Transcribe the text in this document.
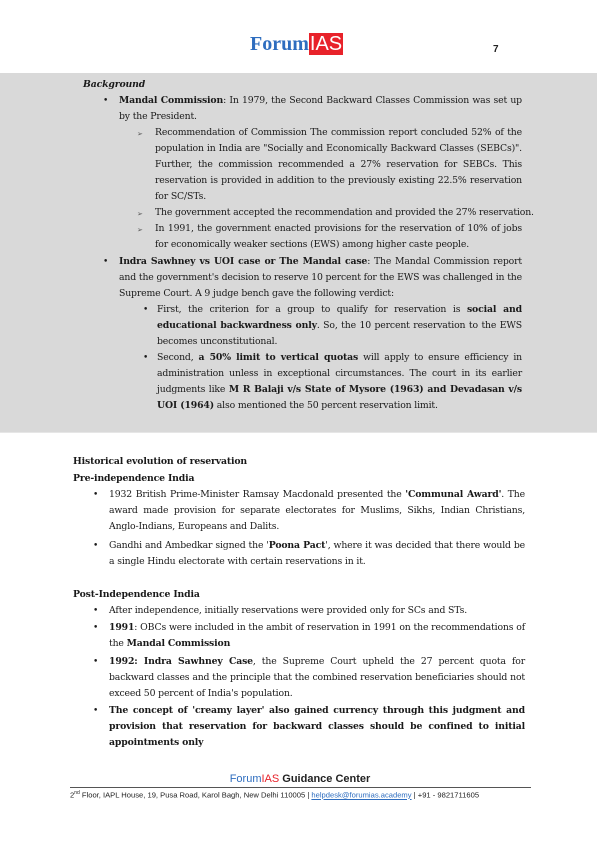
ForumIAS	7
Background
• Mandal Commission: In 1979, the Second Backward Classes Commission was set up by the President.
➢ Recommendation of Commission The commission report concluded 52% of the population in India are "Socially and Economically Backward Classes (SEBCs)". Further, the commission recommended a 27% reservation for SEBCs. This reservation is provided in addition to the previously existing 22.5% reservation for SC/STs.
➢ The government accepted the recommendation and provided the 27% reservation.
➢ In 1991, the government enacted provisions for the reservation of 10% of jobs for economically weaker sections (EWS) among higher caste people.
• Indra Sawhney vs UOI case or The Mandal case: The Mandal Commission report and the government's decision to reserve 10 percent for the EWS was challenged in the Supreme Court. A 9 judge bench gave the following verdict:
• First, the criterion for a group to qualify for reservation is social and educational backwardness only. So, the 10 percent reservation to the EWS becomes unconstitutional.
• Second, a 50% limit to vertical quotas will apply to ensure efficiency in administration unless in exceptional circumstances. The court in its earlier judgments like M R Balaji v/s State of Mysore (1963) and Devadasan v/s UOI (1964) also mentioned the 50 percent reservation limit.
Historical evolution of reservation
Pre-independence India
• 1932 British Prime-Minister Ramsay Macdonald presented the 'Communal Award'. The award made provision for separate electorates for Muslims, Sikhs, Indian Christians, Anglo-Indians, Europeans and Dalits.
• Gandhi and Ambedkar signed the 'Poona Pact', where it was decided that there would be a single Hindu electorate with certain reservations in it.
Post-Independence India
• After independence, initially reservations were provided only for SCs and STs.
• 1991: OBCs were included in the ambit of reservation in 1991 on the recommendations of the Mandal Commission
• 1992: Indra Sawhney Case, the Supreme Court upheld the 27 percent quota for backward classes and the principle that the combined reservation beneficiaries should not exceed 50 percent of India's population.
• The concept of 'creamy layer' also gained currency through this judgment and provision that reservation for backward classes should be confined to initial appointments only
ForumIAS Guidance Center
2nd Floor, IAPL House, 19, Pusa Road, Karol Bagh, New Delhi 110005 | helpdesk@forumias.academy | +91 - 9821711605
